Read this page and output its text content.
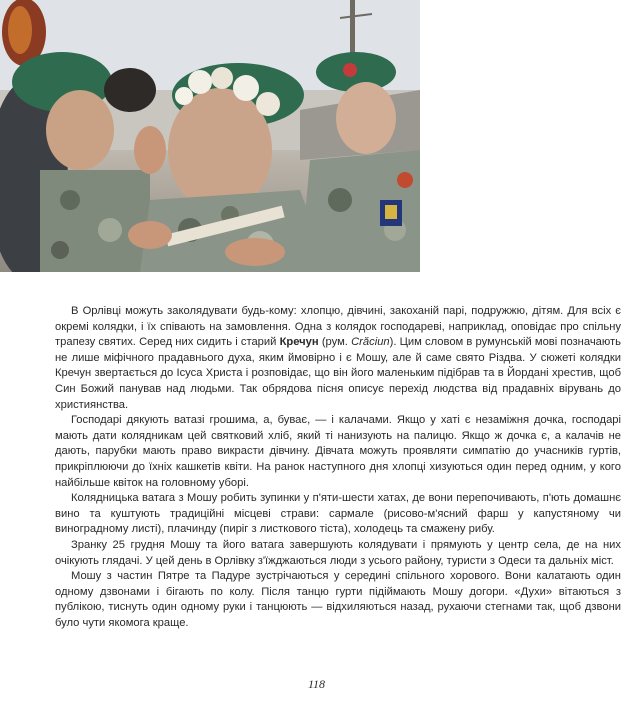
В Орлівці можуть заколядувати будь-кому: хлопцю, дівчині, закоханій парі, подружжю, дітям. Для всіх є окремі колядки, і їх співають на замовлення. Одна з колядок господареві, наприклад, оповідає про спільну трапезу святих. Серед них сидить і старий Кречун (рум. Crăciun). Цим словом в румунській мові позначають не лише міфічного прадавнього духа, яким ймовірно і є Мошу, але й саме свято Різдва. У сюжеті колядки Кречун звертається до Ісуса Христа і розповідає, що він його маленьким підібрав та в Йордані хрестив, щоб Син Божий панував над людьми. Так обрядова пісня описує перехід людства від прадавніх вірувань до християнства.

Господарі дякують ватазі грошима, а, буває, — і калачами. Якщо у хаті є незаміжня дочка, господарі мають дати колядникам цей святковий хліб, який ті нанизують на палицю. Якщо ж дочка є, а калачів не дають, парубки мають право викрасти дівчину. Дівчата можуть проявляти симпатію до учасників гуртів, прикріплюючи до їхніх кашкетів квіти. На ранок наступного дня хлопці хизуються один перед одним, у кого найбільше квіток на головному уборі.

Колядницька ватага з Мошу робить зупинки у п'яти-шести хатах, де вони перепочивають, п'ють домашнє вино та куштують традиційні місцеві страви: сармале (рисово-м'ясний фарш у капустяному чи виноградному листі), плачинду (пиріг з листкового тіста), холодець та смажену рибу.

Зранку 25 грудня Мошу та його ватага завершують колядувати і прямують у центр села, де на них очікують глядачі. У цей день в Орлівку з'їжджаються люди з усього району, туристи з Одеси та дальніх міст.

Мошу з частин Пятре та Падуре зустрічаються у середині спільного хорового. Вони калатають один одному дзвонами і бігають по колу. Після танцю гурти підіймають Мошу догори. «Духи» вітаються з публікою, тиснуть один одному руки і танцюють — відхиляються назад, рухаючи стегнами так, щоб дзвони було чути якомога краще.

118
